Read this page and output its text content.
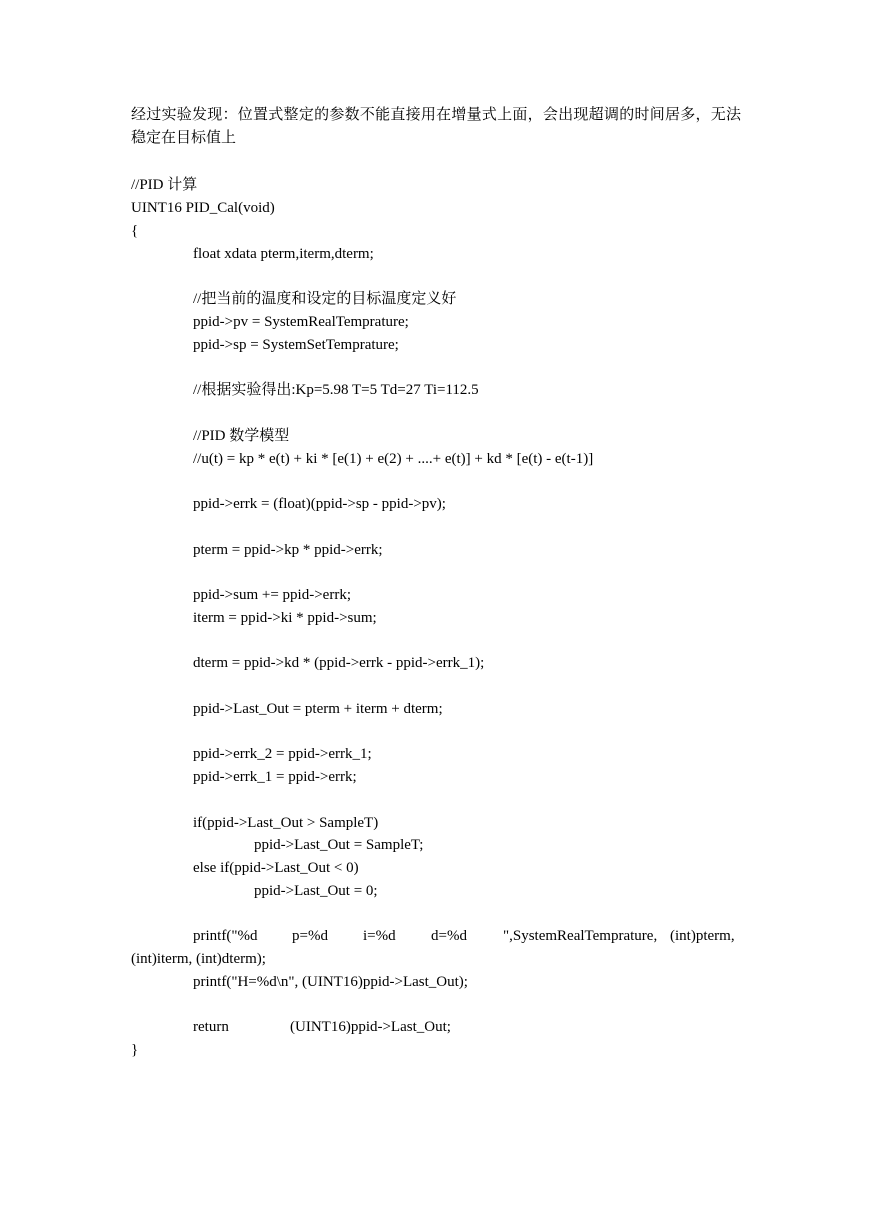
经过实验发现：位置式整定的参数不能直接用在增量式上面，会出现超调的时间居多，无法
稳定在目标值上
//PID 计算
UINT16 PID_Cal(void)
{
float xdata pterm,iterm,dterm;
//把当前的温度和设定的目标温度定义好
ppid->pv = SystemRealTemprature;
ppid->sp = SystemSetTemprature;
//根据实验得出:Kp=5.98 T=5 Td=27 Ti=112.5
//PID 数学模型
//u(t) = kp * e(t) + ki * [e(1) + e(2) + ....+ e(t)] + kd * [e(t) - e(t-1)]
ppid->errk = (float)(ppid->sp - ppid->pv);
pterm = ppid->kp * ppid->errk;
ppid->sum += ppid->errk;
iterm = ppid->ki * ppid->sum;
dterm = ppid->kd * (ppid->errk - ppid->errk_1);
ppid->Last_Out = pterm + iterm + dterm;
ppid->errk_2 = ppid->errk_1;
ppid->errk_1 = ppid->errk;
if(ppid->Last_Out > SampleT)
ppid->Last_Out = SampleT;
else if(ppid->Last_Out < 0)
ppid->Last_Out = 0;
printf("%d p=%d i=%d d=%d ",SystemRealTemprature, (int)pterm,
(int)iterm, (int)dterm);
printf("H=%d\n", (UINT16)ppid->Last_Out);
return	(UINT16)ppid->Last_Out;
}
